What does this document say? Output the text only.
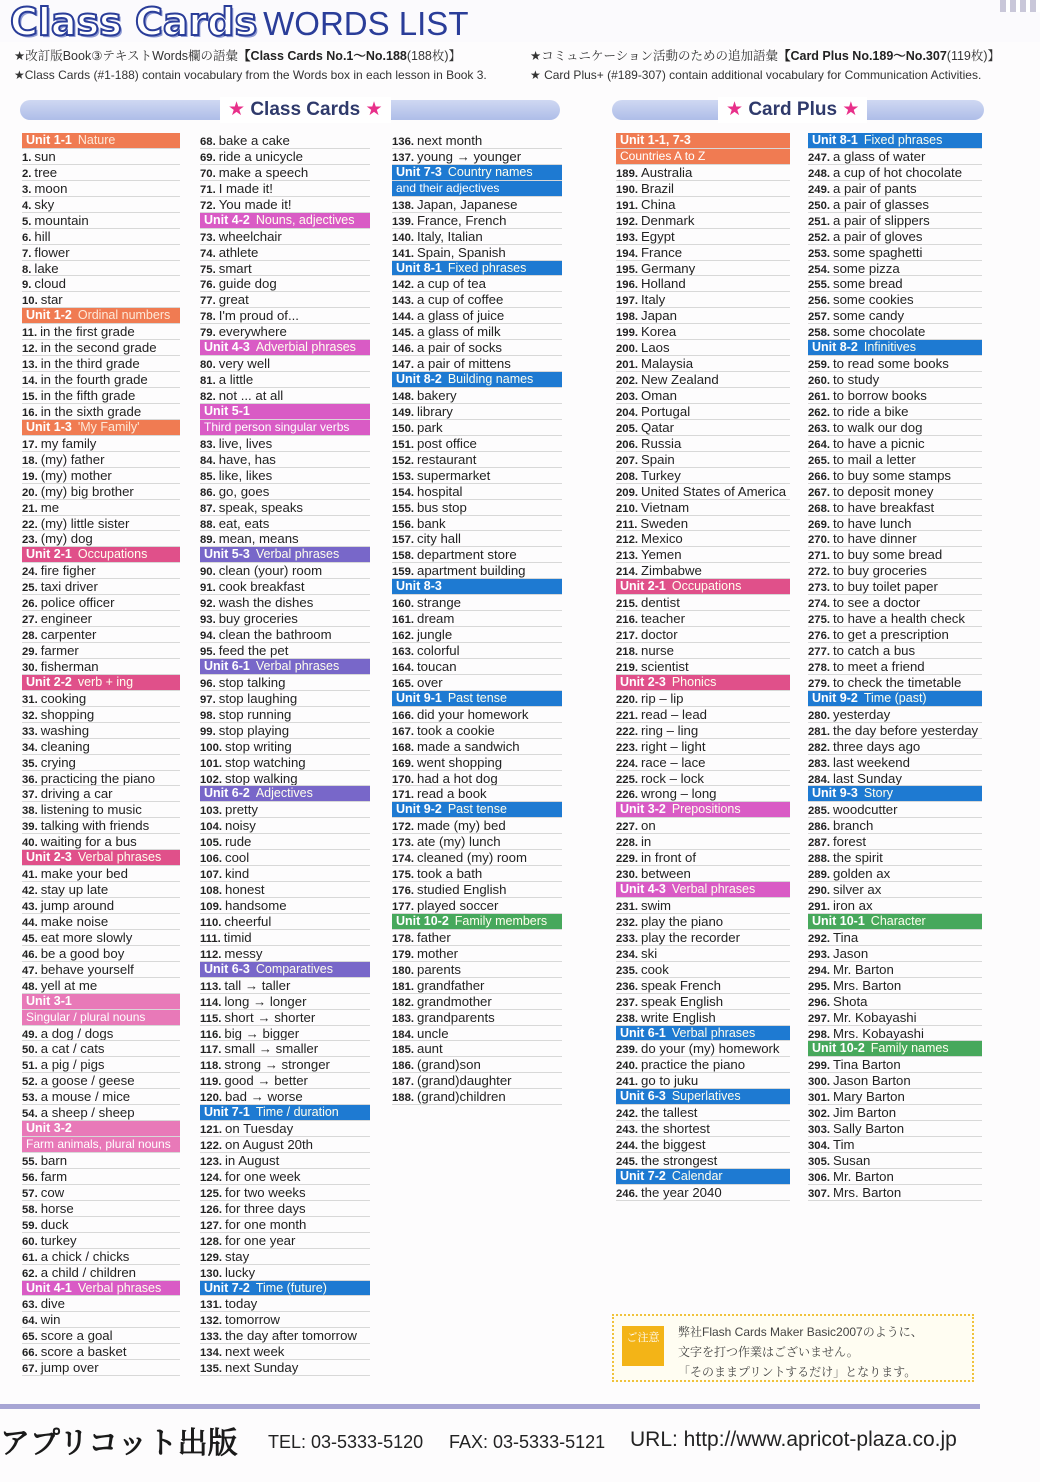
Class Cards WORDS LIST
★改訂版Book③テキストWords欄の語彙【Class Cards No.1〜No.188(188枚)】
★Class Cards (#1-188) contain vocabulary from the Words box in each lesson in Book 3.
★コミュニケーション活動のための追加語彙【Card Plus No.189〜No.307(119枚)】
★ Card Plus+ (#189-307) contain additional vocabulary for Communication Activities.
★ Class Cards ★	★ Card Plus ★
Unit 1-1 Nature
1. sun
2. tree
3. moon
4. sky
5. mountain
6. hill
7. flower
8. lake
9. cloud
10. star
Unit 1-2 Ordinal numbers
11. in the first grade
12. in the second grade
13. in the third grade
14. in the fourth grade
15. in the fifth grade
16. in the sixth grade
Unit 1-3 'My Family'
17. my family
18. (my) father
19. (my) mother
20. (my) big brother
21. me
22. (my) little sister
23. (my) dog
Unit 2-1 Occupations
24. fire figher
25. taxi driver
26. police officer
27. engineer
28. carpenter
29. farmer
30. fisherman
Unit 2-2 verb + ing
31. cooking
32. shopping
33. washing
34. cleaning
35. crying
36. practicing the piano
37. driving a car
38. listening to music
39. talking with friends
40. waiting for a bus
Unit 2-3 Verbal phrases
41. make your bed
42. stay up late
43. jump around
44. make noise
45. eat more slowly
46. be a good boy
47. behave yourself
48. yell at me
Unit 3-1
Singular / plural nouns
49. a dog / dogs
50. a cat / cats
51. a pig / pigs
52. a goose / geese
53. a mouse / mice
54. a sheep / sheep
Unit 3-2
Farm animals, plural nouns
55. barn
56. farm
57. cow
58. horse
59. duck
60. turkey
61. a chick / chicks
62. a child / children
Unit 4-1 Verbal phrases
63. dive
64. win
65. score a goal
66. score a basket
67. jump over
68. bake a cake
69. ride a unicycle
70. make a speech
71. I made it!
72. You made it!
Unit 4-2 Nouns, adjectives
73. wheelchair
74. athlete
75. smart
76. guide dog
77. great
78. I'm proud of...
79. everywhere
Unit 4-3 Adverbial phrases
80. very well
81. a little
82. not ... at all
Unit 5-1
Third person singular verbs
83. live, lives
84. have, has
85. like, likes
86. go, goes
87. speak, speaks
88. eat, eats
89. mean, means
Unit 5-3 Verbal phrases
90. clean (your) room
91. cook breakfast
92. wash the dishes
93. buy groceries
94. clean the bathroom
95. feed the pet
Unit 6-1 Verbal phrases
96. stop talking
97. stop laughing
98. stop running
99. stop playing
100. stop writing
101. stop watching
102. stop walking
Unit 6-2 Adjectives
103. pretty
104. noisy
105. rude
106. cool
107. kind
108. honest
109. handsome
110. cheerful
111. timid
112. messy
Unit 6-3 Comparatives
113. tall → taller
114. long → longer
115. short → shorter
116. big → bigger
117. small → smaller
118. strong → stronger
119. good → better
120. bad → worse
Unit 7-1 Time / duration
121. on Tuesday
122. on August 20th
123. in August
124. for one week
125. for two weeks
126. for three days
127. for one month
128. for one year
129. stay
130. lucky
Unit 7-2 Time (future)
131. today
132. tomorrow
133. the day after tomorrow
134. next week
135. next Sunday
136. next month
137. young → younger
Unit 7-3 Country names
and their adjectives
138. Japan, Japanese
139. France, French
140. Italy, Italian
141. Spain, Spanish
Unit 8-1 Fixed phrases
142. a cup of tea
143. a cup of coffee
144. a glass of juice
145. a glass of milk
146. a pair of socks
147. a pair of mittens
Unit 8-2 Building names
148. bakery
149. library
150. park
151. post office
152. restaurant
153. supermarket
154. hospital
155. bus stop
156. bank
157. city hall
158. department store
159. apartment building
Unit 8-3
160. strange
161. dream
162. jungle
163. colorful
164. toucan
165. over
Unit 9-1 Past tense
166. did your homework
167. took a cookie
168. made a sandwich
169. went shopping
170. had a hot dog
171. read a book
Unit 9-2 Past tense
172. made (my) bed
173. ate (my) lunch
174. cleaned (my) room
175. took a bath
176. studied English
177. played soccer
Unit 10-2 Family members
178. father
179. mother
180. parents
181. grandfather
182. grandmother
183. grandparents
184. uncle
185. aunt
186. (grand)son
187. (grand)daughter
188. (grand)children
Unit 1-1, 7-3
Countries A to Z
189. Australia
190. Brazil
191. China
192. Denmark
193. Egypt
194. France
195. Germany
196. Holland
197. Italy
198. Japan
199. Korea
200. Laos
201. Malaysia
202. New Zealand
203. Oman
204. Portugal
205. Qatar
206. Russia
207. Spain
208. Turkey
209. United States of America
210. Vietnam
211. Sweden
212. Mexico
213. Yemen
214. Zimbabwe
Unit 2-1 Occupations
215. dentist
216. teacher
217. doctor
218. nurse
219. scientist
Unit 2-3 Phonics
220. rip – lip
221. read – lead
222. ring – ling
223. right – light
224. race – lace
225. rock – lock
226. wrong – long
Unit 3-2 Prepositions
227. on
228. in
229. in front of
230. between
Unit 4-3 Verbal phrases
231. swim
232. play the piano
233. play the recorder
234. ski
235. cook
236. speak French
237. speak English
238. write English
Unit 6-1 Verbal phrases
239. do your (my) homework
240. practice the piano
241. go to juku
Unit 6-3 Superlatives
242. the tallest
243. the shortest
244. the biggest
245. the strongest
Unit 7-2 Calendar
246. the year 2040
Unit 8-1 Fixed phrases
247. a glass of water
248. a cup of hot chocolate
249. a pair of pants
250. a pair of glasses
251. a pair of slippers
252. a pair of gloves
253. some spaghetti
254. some pizza
255. some bread
256. some cookies
257. some candy
258. some chocolate
Unit 8-2 Infinitives
259. to read some books
260. to study
261. to borrow books
262. to ride a bike
263. to walk our dog
264. to have a picnic
265. to mail a letter
266. to buy some stamps
267. to deposit money
268. to have breakfast
269. to have lunch
270. to have dinner
271. to buy some bread
272. to buy groceries
273. to buy toilet paper
274. to see a doctor
275. to have a health check
276. to get a prescription
277. to catch a bus
278. to meet a friend
279. to check the timetable
Unit 9-2 Time (past)
280. yesterday
281. the day before yesterday
282. three days ago
283. last weekend
284. last Sunday
Unit 9-3 Story
285. woodcutter
286. branch
287. forest
288. the spirit
289. golden ax
290. silver ax
291. iron ax
Unit 10-1 Character
292. Tina
293. Jason
294. Mr. Barton
295. Mrs. Barton
296. Shota
297. Mr. Kobayashi
298. Mrs. Kobayashi
Unit 10-2 Family names
299. Tina Barton
300. Jason Barton
301. Mary Barton
302. Jim Barton
303. Sally Barton
304. Tim
305. Susan
306. Mr. Barton
307. Mrs. Barton
ご注意	弊社Flash Cards Maker Basic2007のように、
文字を打つ作業はございません。
「そのままプリントするだけ」となります。
アプリコット出版 TEL: 03-5333-5120 FAX: 03-5333-5121 URL: http://www.apricot-plaza.co.jp
